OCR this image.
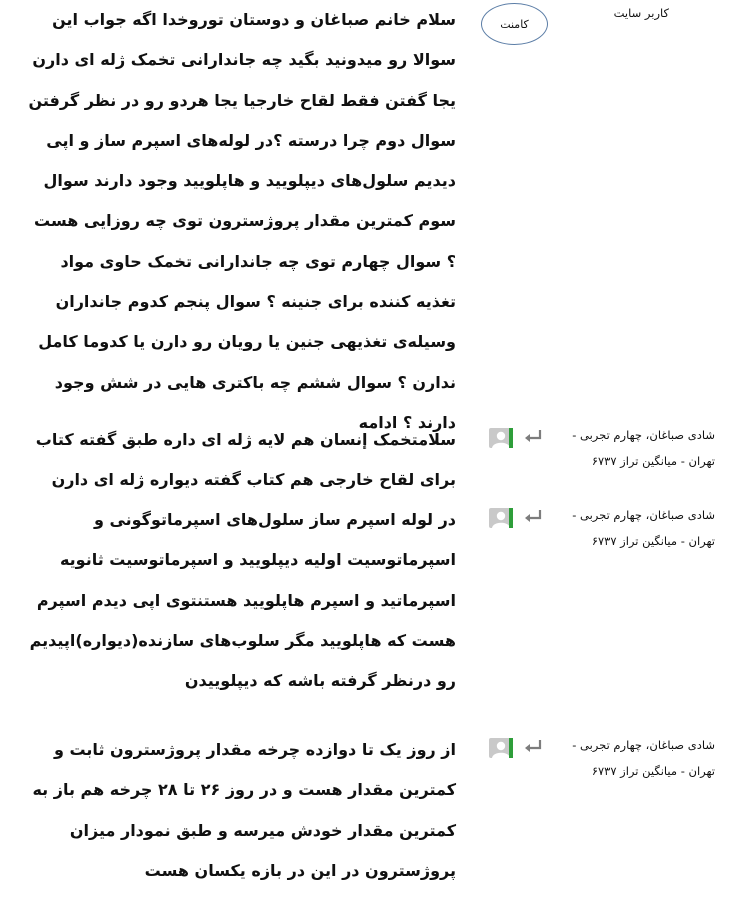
کاربر سایت
کامنت
سلام خانم صباغان و دوستان توروخدا اگه جواب این سوالا رو میدونید بگید چه جاندارانی تخمک ژله ای دارن یجا گفتن فقط لقاح خارجیا یجا هردو رو در نظر گرفتن سوال دوم چرا درسته ؟در لوله‌های اسپرم ساز و اپی دیدیم سلول‌های دیپلویید و هاپلویید وجود دارند سوال سوم کمترین مقدار پروژسترون توی چه روزایی هست ؟ سوال چهارم توی چه جاندارانی تخمک حاوی مواد تغذیه کننده برای جنینه ؟ سوال پنجم کدوم جانداران وسیله‌ی تغذیهی جنین یا رویان رو دارن یا کدوما کامل ندارن ؟ سوال ششم چه باکتری هایی در شش وجود دارند ؟ ادامه
شادی صباغان، چهارم تجربی -
تهران - میانگین تراز ۶۷۳۷
سلامتخمک إنسان هم لایه ژله ای داره طبق گفته کتاب برای لقاح خارجی هم کتاب گفته دیواره ژله ای دارن
شادی صباغان، چهارم تجربی -
تهران - میانگین تراز ۶۷۳۷
در لوله اسپرم ساز سلول‌های اسپرماتوگونی و اسپرماتوسیت اولیه دیپلویید و اسپرماتوسیت ثانویه اسپرماتید و اسپرم هاپلویید هستنتوی اپی دیدم اسپرم هست که هاپلویید مگر سلوب‌های سازنده(دیواره)اپیدیم رو درنظر گرفته باشه که دیپلوییدن
شادی صباغان، چهارم تجربی -
تهران - میانگین تراز ۶۷۳۷
از روز یک تا دوازده چرخه مقدار پروژسترون ثابت و کمترین مقدار هست و در روز ۲۶ تا ۲۸ چرخه هم باز به کمترین مقدار خودش میرسه و طبق نمودار میزان پروژسترون در این در بازه یکسان هست
